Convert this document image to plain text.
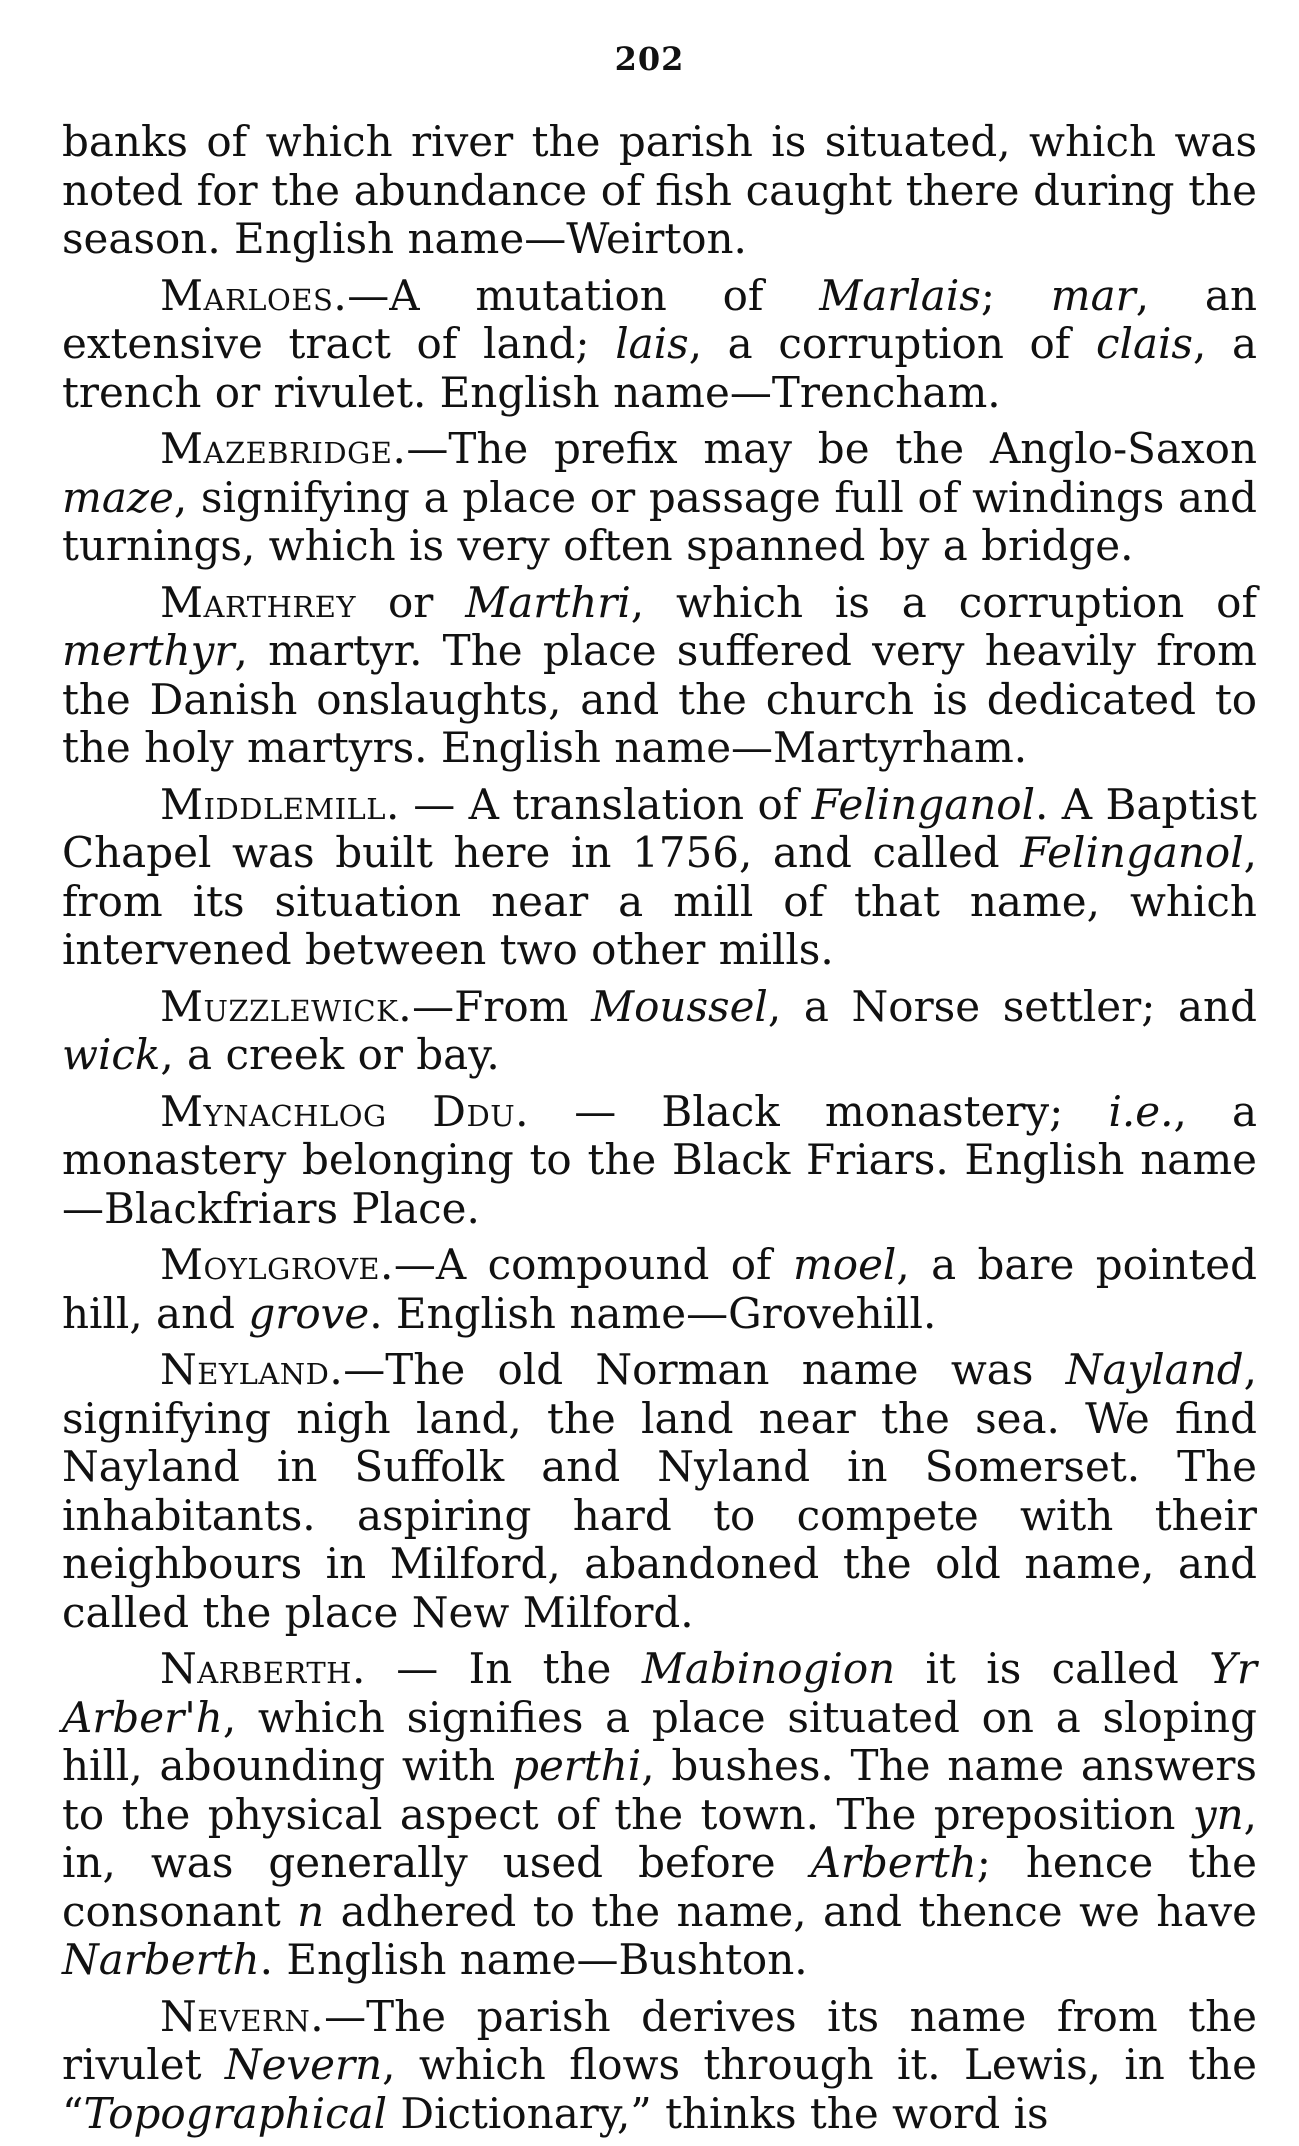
202

banks of which river the parish is situated, which was noted for the abundance of fish caught there during the season. English name—Weirton.

Marloes.—A mutation of Marlais; mar, an extensive tract of land; lais, a corruption of clais, a trench or rivulet. English name—Trencham.

Mazebridge.—The prefix may be the Anglo-Saxon maze, signifying a place or passage full of windings and turnings, which is very often spanned by a bridge.

Marthrey or Marthri, which is a corruption of merthyr, martyr. The place suffered very heavily from the Danish onslaughts, and the church is dedicated to the holy martyrs. English name—Martyrham.

Middlemill. — A translation of Felinganol. A Baptist Chapel was built here in 1756, and called Felinganol, from its situation near a mill of that name, which intervened between two other mills.

Muzzlewick.—From Moussel, a Norse settler; and wick, a creek or bay.

Mynachlog Ddu. — Black monastery; i.e., a monastery belonging to the Black Friars. English name—Blackfriars Place.

Moylgrove.—A compound of moel, a bare pointed hill, and grove. English name—Grovehill.

Neyland.—The old Norman name was Nayland, signifying nigh land, the land near the sea. We find Nayland in Suffolk and Nyland in Somerset. The inhabitants. aspiring hard to compete with their neighbours in Milford, abandoned the old name, and called the place New Milford.

Narberth. — In the Mabinogion it is called Yr Arber'h, which signifies a place situated on a sloping hill, abounding with perthi, bushes. The name answers to the physical aspect of the town. The preposition yn, in, was generally used before Arberth; hence the consonant n adhered to the name, and thence we have Narberth. English name—Bushton.

Nevern.—The parish derives its name from the rivulet Nevern, which flows through it. Lewis, in the “Topographical Dictionary,” thinks the word is
